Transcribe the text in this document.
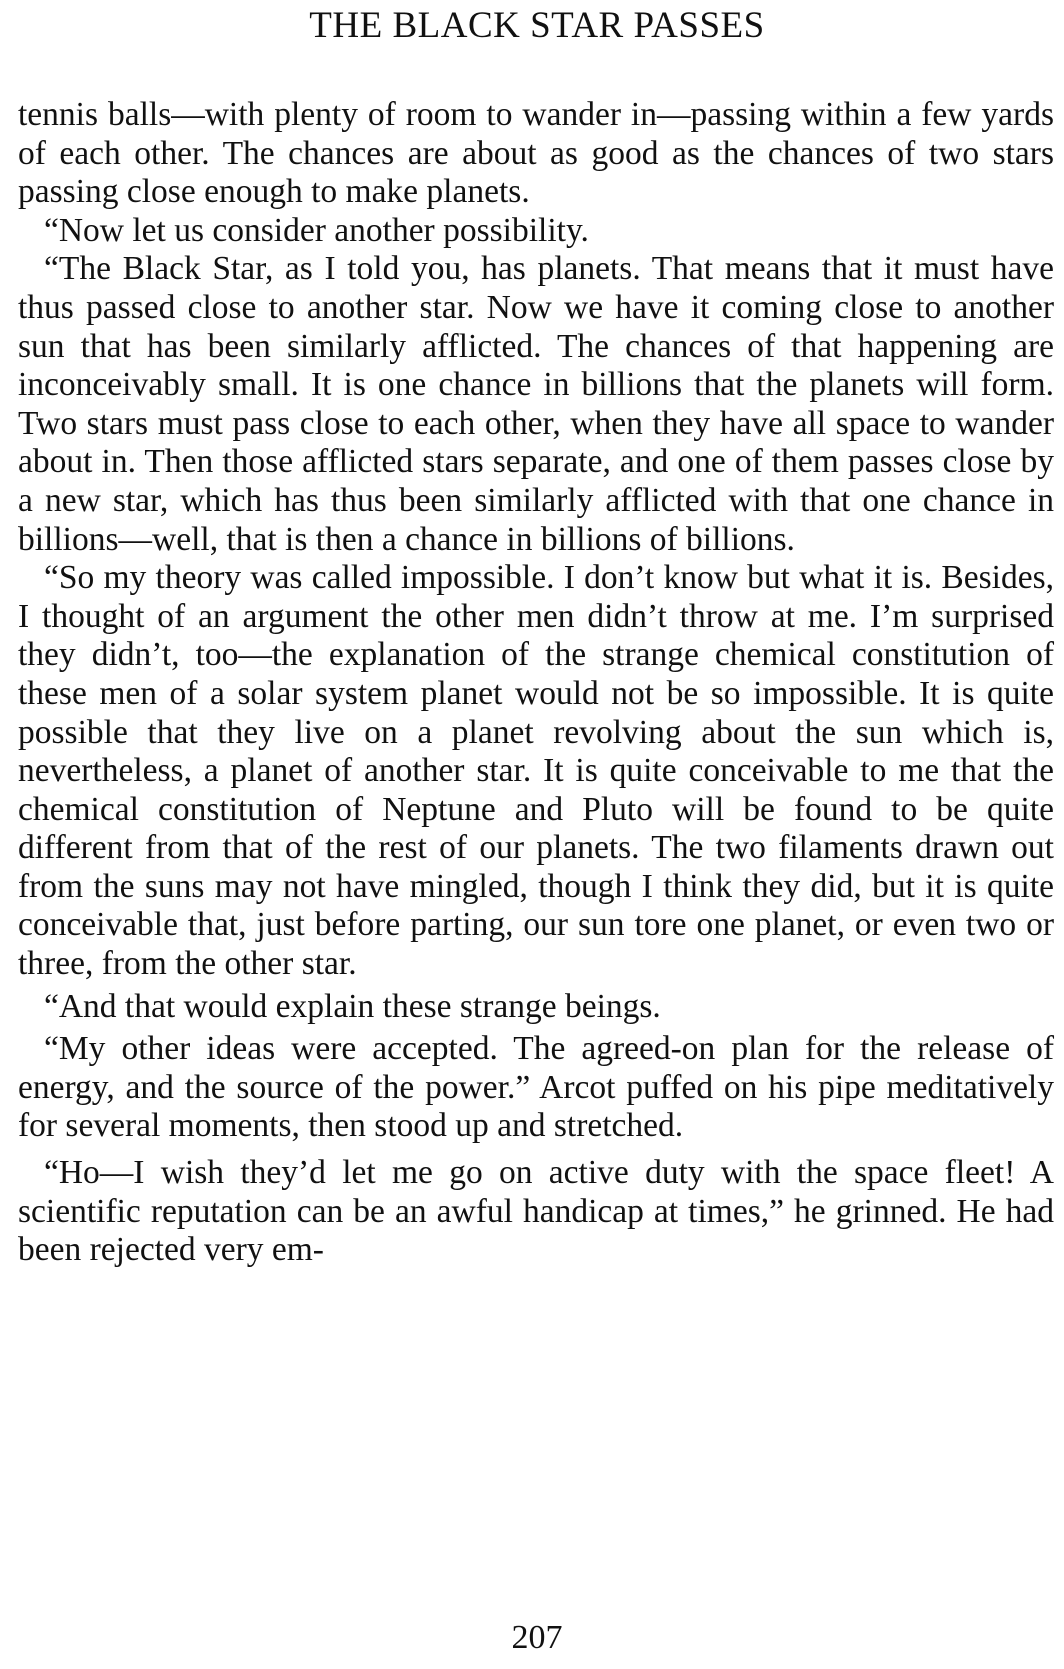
THE BLACK STAR PASSES

tennis balls—with plenty of room to wander in—passing within a few yards of each other. The chances are about as good as the chances of two stars passing close enough to make planets.

“Now let us consider another possibility.

“The Black Star, as I told you, has planets. That means that it must have thus passed close to another star. Now we have it coming close to another sun that has been similarly afflicted. The chances of that happening are inconceivably small. It is one chance in billions that the planets will form. Two stars must pass close to each other, when they have all space to wander about in. Then those afflicted stars separate, and one of them passes close by a new star, which has thus been similarly afflicted with that one chance in billions—well, that is then a chance in billions of billions.

“So my theory was called impossible. I don’t know but what it is. Besides, I thought of an argument the other men didn’t throw at me. I’m surprised they didn’t, too—the explanation of the strange chemical constitution of these men of a solar system planet would not be so impossible. It is quite possible that they live on a planet revolving about the sun which is, nevertheless, a planet of another star. It is quite conceivable to me that the chemical constitution of Neptune and Pluto will be found to be quite different from that of the rest of our planets. The two filaments drawn out from the suns may not have mingled, though I think they did, but it is quite conceivable that, just before parting, our sun tore one planet, or even two or three, from the other star.

“And that would explain these strange beings.

“My other ideas were accepted. The agreed-on plan for the release of energy, and the source of the power.” Arcot puffed on his pipe meditatively for several moments, then stood up and stretched.

“Ho—I wish they’d let me go on active duty with the space fleet! A scientific reputation can be an awful handicap at times,” he grinned. He had been rejected very em-

207
